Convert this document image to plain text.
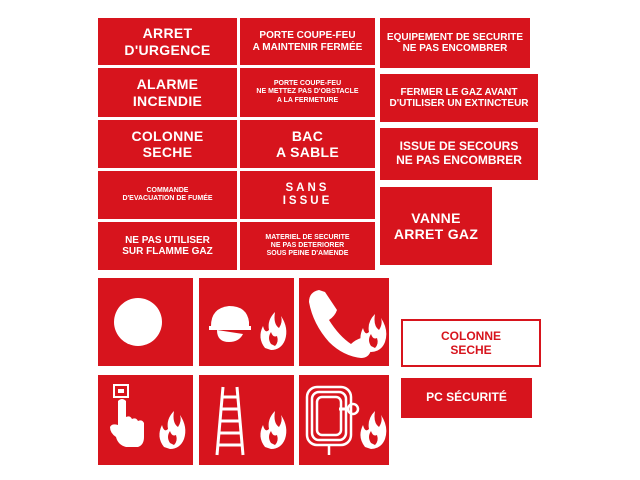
ARRET
D'URGENCE
ALARME
INCENDIE
COLONNE
SECHE
COMMANDE
D'EVACUATION DE FUMÉE
NE PAS UTILISER
SUR FLAMME GAZ
PORTE COUPE-FEU
A MAINTENIR FERMÉE
PORTE COUPE-FEU
NE METTEZ PAS D'OBSTACLE
A LA FERMETURE
BAC
A SABLE
SANS
ISSUE
MATERIEL DE SECURITE
NE PAS DETERIORER
SOUS PEINE D'AMENDE
EQUIPEMENT DE SECURITE
NE PAS ENCOMBRER
FERMER LE GAZ AVANT
D'UTILISER UN EXTINCTEUR
ISSUE DE SECOURS
NE PAS ENCOMBRER
VANNE
ARRET GAZ
COLONNE
SECHE
PC SÉCURITÉ
